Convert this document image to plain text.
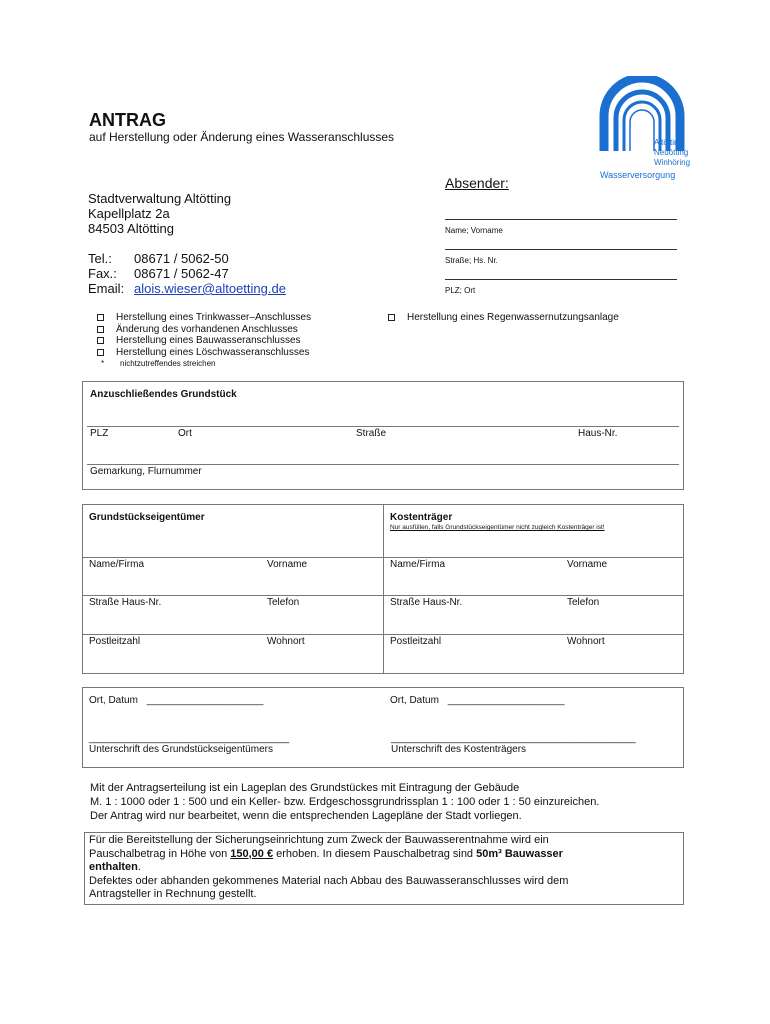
ANTRAG
auf Herstellung oder Änderung eines Wasseranschlusses	Altötting
Neuötting
Winhöring
Wasserversorgung
Stadtverwaltung Altötting
Kapellplatz 2a
84503 Altötting
Tel.:	08671 / 5062-50
Fax.:	08671 / 5062-47
Email: alois.wieser@altoetting.de
Absender:
Name; Vorname
Straße; Hs. Nr.
PLZ; Ort
Herstellung eines Trinkwasser–Anschlusses
Änderung des vorhandenen Anschlusses
Herstellung eines Bauwasseranschlusses
Herstellung eines Löschwasseranschlusses
*	nichtzutreffendes streichen
Herstellung eines Regenwassernutzungsanlage
Anzuschließendes Grundstück
PLZ	Ort	Straße	Haus-Nr.
Gemarkung, Flurnummer
Grundstückseigentümer	Kostenträger
Nur ausfüllen, falls Grundstückseigentümer nicht zugleich Kostenträger ist!
Name/Firma	Vorname	Name/Firma	Vorname
Straße Haus-Nr.	Telefon	Straße Haus-Nr.	Telefon
Postleitzahl	Wohnort	Postleitzahl	Wohnort
Ort, Datum _____________________	Ort, Datum _____________________
____________________________________	____________________________________________
Unterschrift des Grundstückseigentümers	Unterschrift des Kostenträgers
Mit der Antragserteilung ist ein Lageplan des Grundstückes mit Eintragung der Gebäude
M. 1 : 1000 oder 1 : 500 und ein Keller- bzw. Erdgeschossgrundrissplan 1 : 100 oder 1 : 50 einzureichen.
Der Antrag wird nur bearbeitet, wenn die entsprechenden Lagepläne der Stadt vorliegen.
Für die Bereitstellung der Sicherungseinrichtung zum Zweck der Bauwasserentnahme wird ein
Pauschalbetrag in Höhe von 150,00 € erhoben. In diesem Pauschalbetrag sind 50m³ Bauwasser
enthalten.
Defektes oder abhanden gekommenes Material nach Abbau des Bauwasseranschlusses wird dem
Antragsteller in Rechnung gestellt.
